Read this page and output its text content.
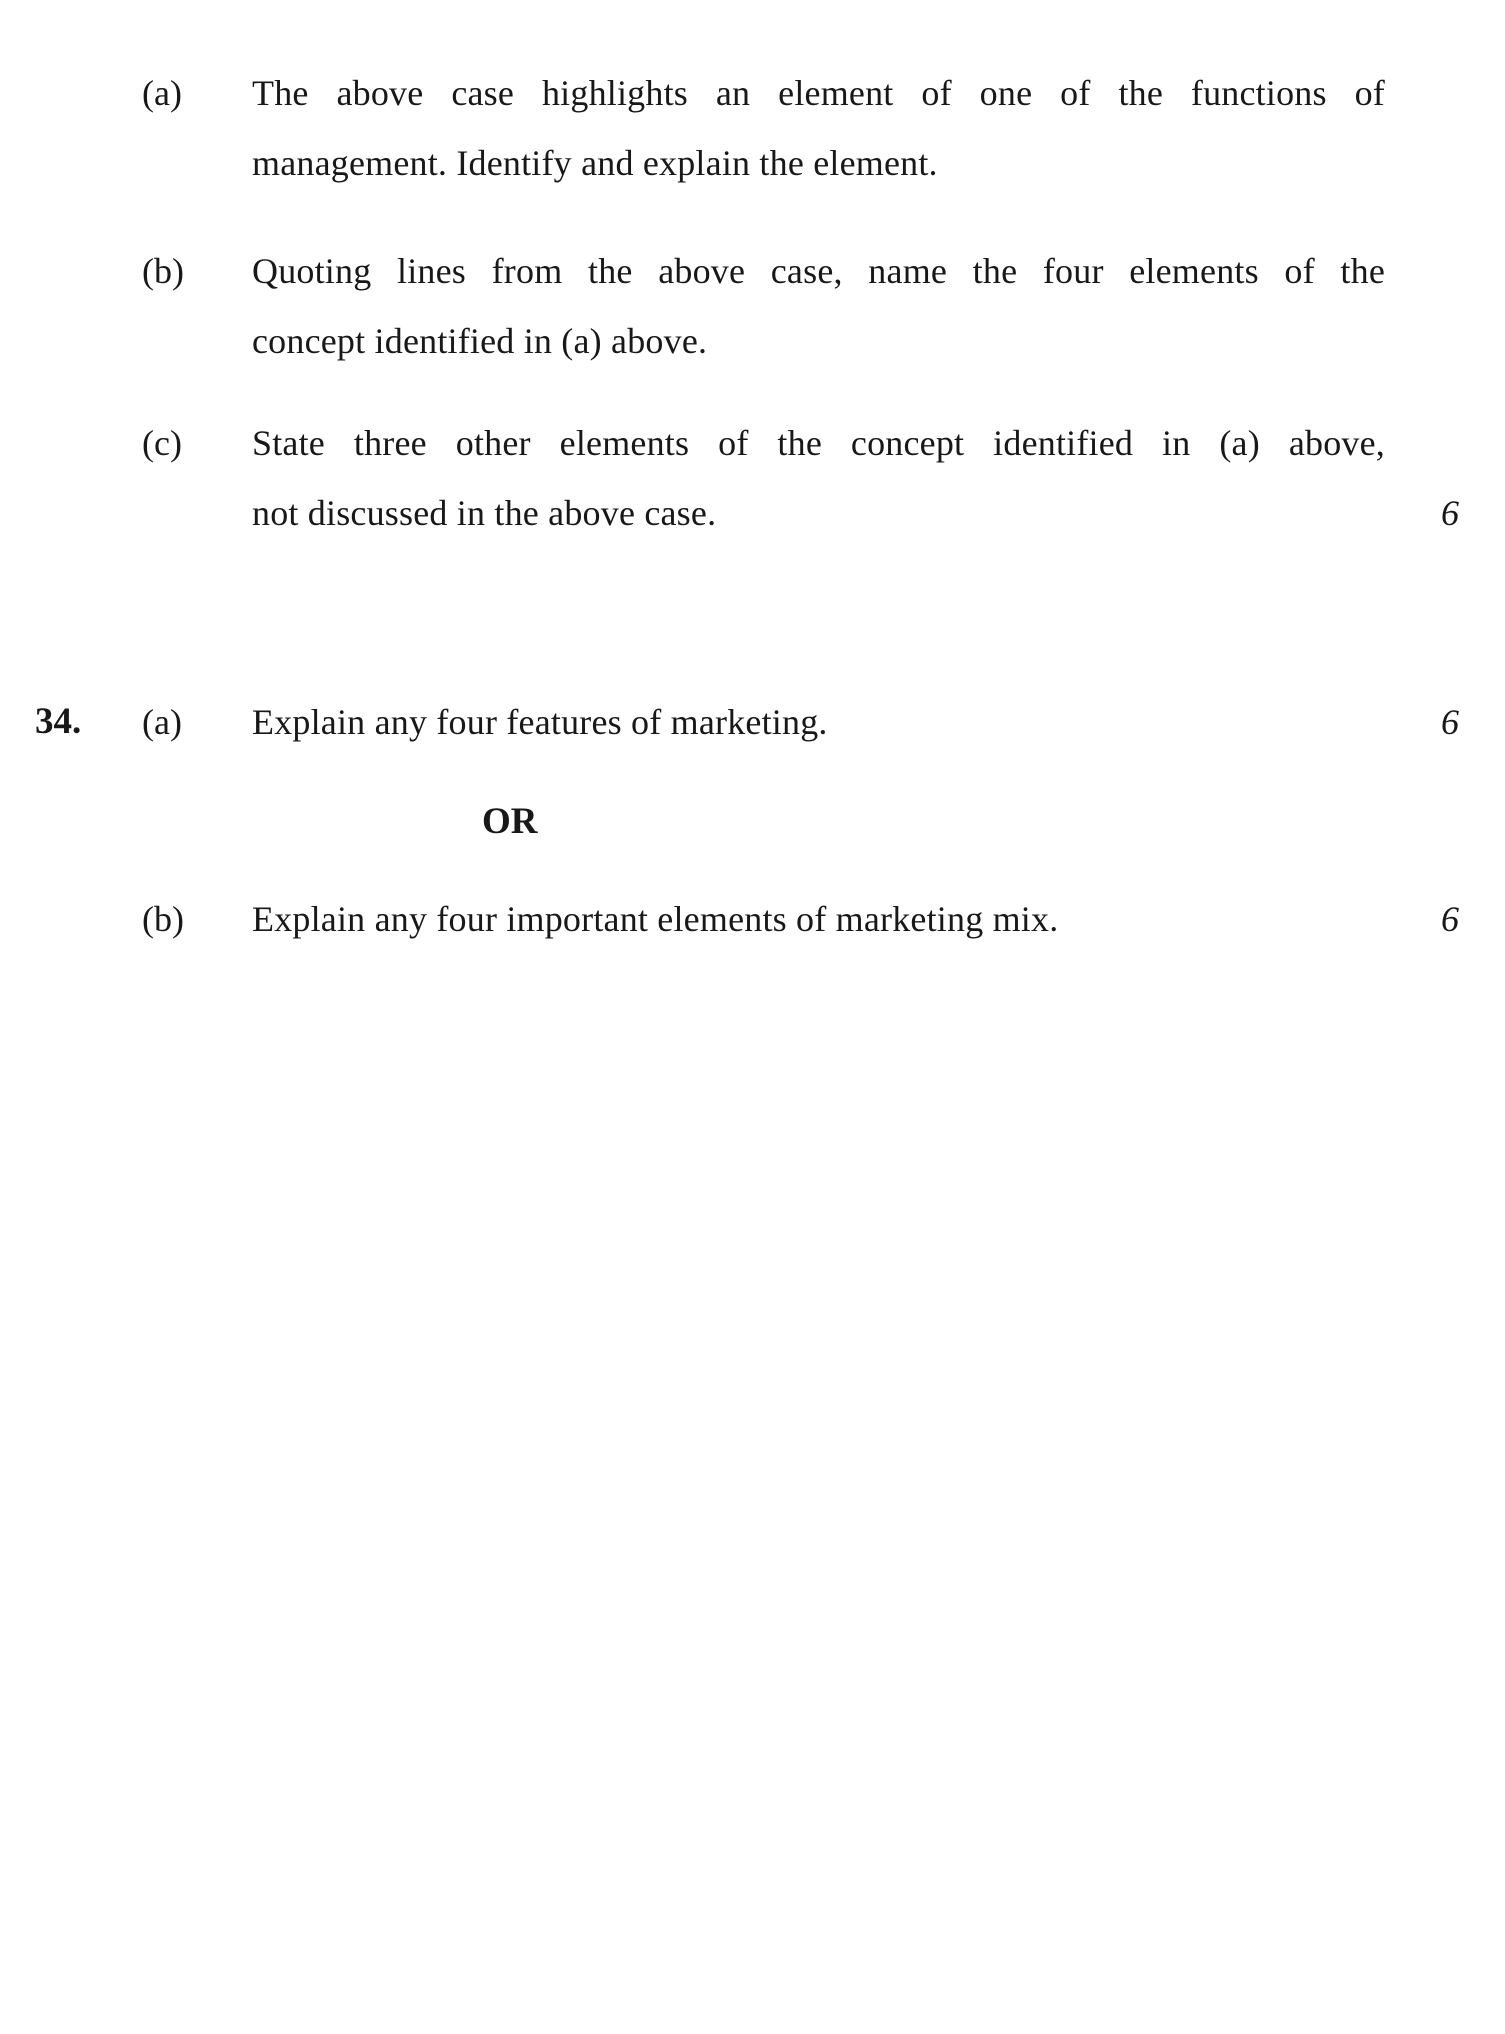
(a) The above case highlights an element of one of the functions of
management. Identify and explain the element.
(b) Quoting lines from the above case, name the four elements of the
concept identified in (a) above.
(c) State three other elements of the concept identified in (a) above,
not discussed in the above case.	6
34. (a) Explain any four features of marketing.	6
OR
(b) Explain any four important elements of marketing mix.	6
